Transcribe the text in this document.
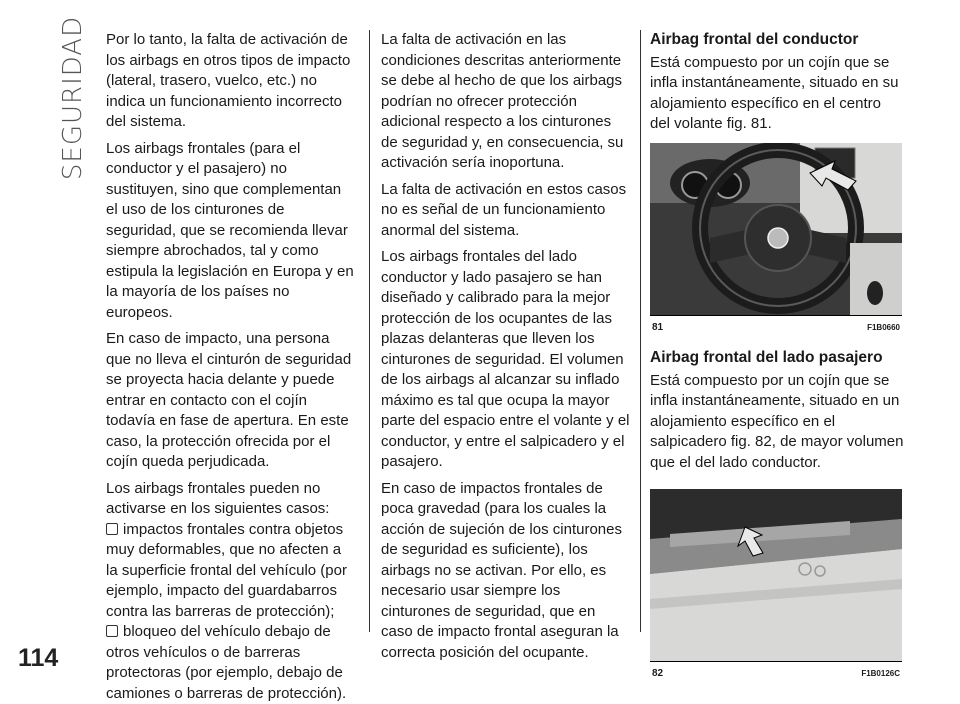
SEGURIDAD
114

Por lo tanto, la falta de activación de los airbags en otros tipos de impacto (lateral, trasero, vuelco, etc.) no indica un funcionamiento incorrecto del sistema.

Los airbags frontales (para el conductor y el pasajero) no sustituyen, sino que complementan el uso de los cinturones de seguridad, que se recomienda llevar siempre abrochados, tal y como estipula la legislación en Europa y en la mayoría de los países no europeos.

En caso de impacto, una persona que no lleva el cinturón de seguridad se proyecta hacia delante y puede entrar en contacto con el cojín todavía en fase de apertura. En este caso, la protección ofrecida por el cojín queda perjudicada.

Los airbags frontales pueden no activarse en los siguientes casos:

impactos frontales contra objetos muy deformables, que no afecten a la superficie frontal del vehículo (por ejemplo, impacto del guardabarros contra las barreras de protección);
bloqueo del vehículo debajo de otros vehículos o de barreras protectoras (por ejemplo, debajo de camiones o barreras de protección).

La falta de activación en las condiciones descritas anteriormente se debe al hecho de que los airbags podrían no ofrecer protección adicional respecto a los cinturones de seguridad y, en consecuencia, su activación sería inoportuna.

La falta de activación en estos casos no es señal de un funcionamiento anormal del sistema.

Los airbags frontales del lado conductor y lado pasajero se han diseñado y calibrado para la mejor protección de los ocupantes de las plazas delanteras que lleven los cinturones de seguridad. El volumen de los airbags al alcanzar su inflado máximo es tal que ocupa la mayor parte del espacio entre el volante y el conductor, y entre el salpicadero y el pasajero.

En caso de impactos frontales de poca gravedad (para los cuales la acción de sujeción de los cinturones de seguridad es suficiente), los airbags no se activan. Por ello, es necesario usar siempre los cinturones de seguridad, que en caso de impacto frontal aseguran la correcta posición del ocupante.

Airbag frontal del conductor

Está compuesto por un cojín que se infla instantáneamente, situado en su alojamiento específico en el centro del volante fig. 81.

81	F1B0660
Airbag frontal del lado pasajero

Está compuesto por un cojín que se infla instantáneamente, situado en un alojamiento específico en el salpicadero fig. 82, de mayor volumen que el del lado conductor.

82	F1B0126C
